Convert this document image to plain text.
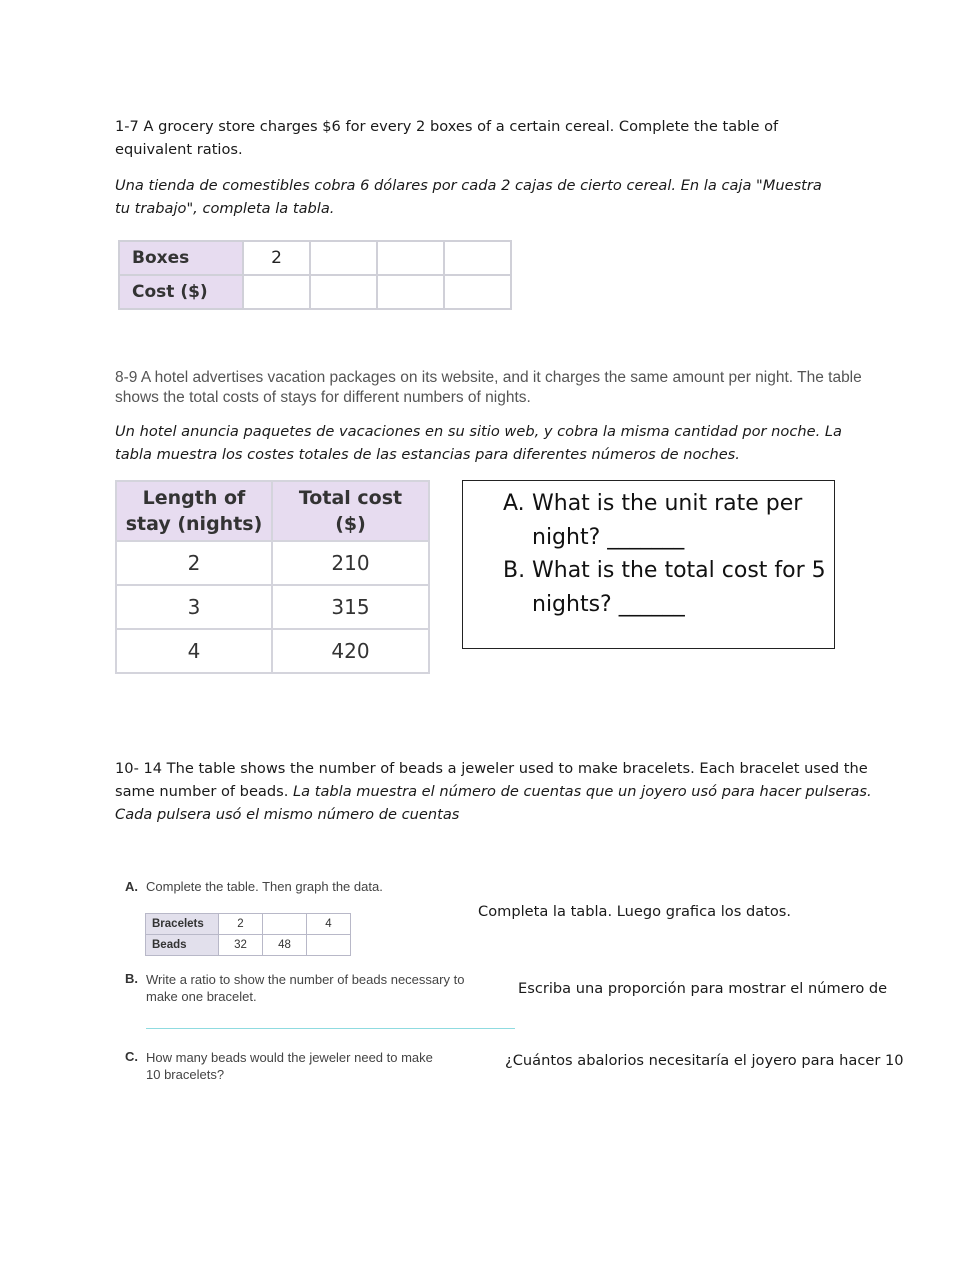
1-7 A grocery store charges $6 for every 2 boxes of a certain cereal. Complete the table of equivalent ratios.
Una tienda de comestibles cobra 6 dólares por cada 2 cajas de cierto cereal. En la caja "Muestra tu trabajo", completa la tabla.
Boxes	2			
Cost ($)				
8-9 A hotel advertises vacation packages on its website, and it charges the same amount per night. The table shows the total costs of stays for different numbers of nights.
Un hotel anuncia paquetes de vacaciones en su sitio web, y cobra la misma cantidad por noche. La tabla muestra los costes totales de las estancias para diferentes números de noches.
Length of
stay (nights)	Total cost
($)
2	210
3	315
4	420
A. What is the unit rate per
night? _______
B. What is the total cost for 5
nights? ______
10- 14 The table shows the number of beads a jeweler used to make bracelets. Each bracelet used the
same number of beads. La tabla muestra el número de cuentas que un joyero usó para hacer pulseras.
Cada pulsera usó el mismo número de cuentas
A. Complete the table. Then graph the data.
Completa la tabla. Luego grafica los datos.
Bracelets	2		4
Beads	32	48	
B. Write a ratio to show the number of beads necessary to
make one bracelet.	Escriba una proporción para mostrar el número de
C. How many beads would the jeweler need to make
10 bracelets?
¿Cuántos abalorios necesitaría el joyero para hacer 10
